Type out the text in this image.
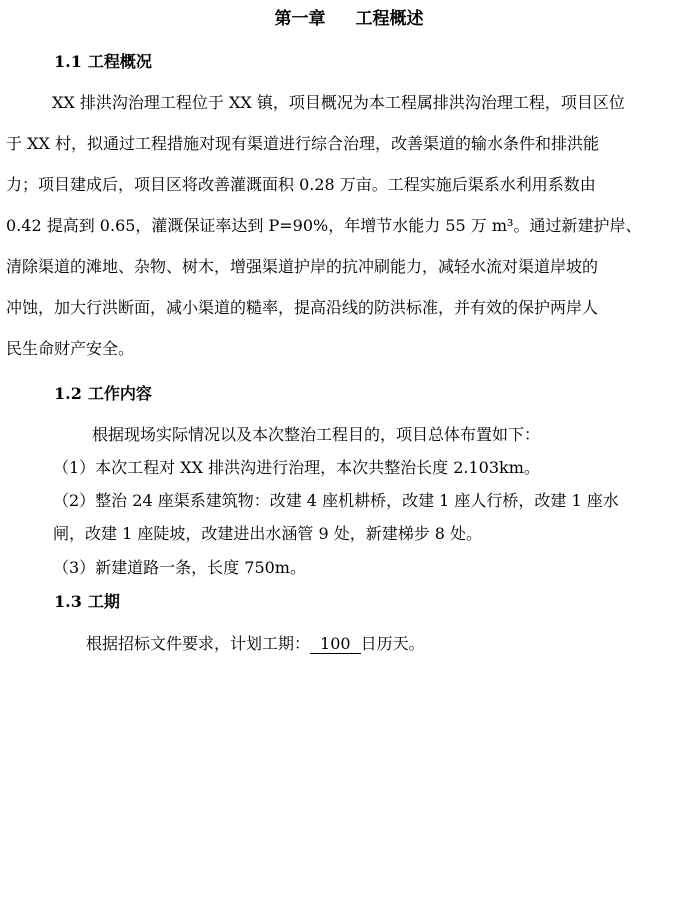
第一章 工程概述
1.1 工程概况
XX 排洪沟治理工程位于 XX 镇，项目概况为本工程属排洪沟治理工程，项目区位
于 XX 村，拟通过工程措施对现有渠道进行综合治理，改善渠道的输水条件和排洪能
力；项目建成后，项目区将改善灌溉面积 0.28 万亩。工程实施后渠系水利用系数由
0.42 提高到 0.65，灌溉保证率达到 P=90%，年增节水能力 55 万 m³。通过新建护岸、
清除渠道的滩地、杂物、树木，增强渠道护岸的抗冲刷能力，减轻水流对渠道岸坡的
冲蚀，加大行洪断面，减小渠道的糙率，提高沿线的防洪标准，并有效的保护两岸人
民生命财产安全。
1.2 工作内容
根据现场实际情况以及本次整治工程目的，项目总体布置如下：
（1）本次工程对 XX 排洪沟进行治理，本次共整治长度 2.103km。
（2）整治 24 座渠系建筑物：改建 4 座机耕桥，改建 1 座人行桥，改建 1 座水
闸，改建 1 座陡坡，改建进出水涵管 9 处，新建梯步 8 处。
（3）新建道路一条，长度 750m。
1.3 工期
根据招标文件要求，计划工期： 100 日历天。
